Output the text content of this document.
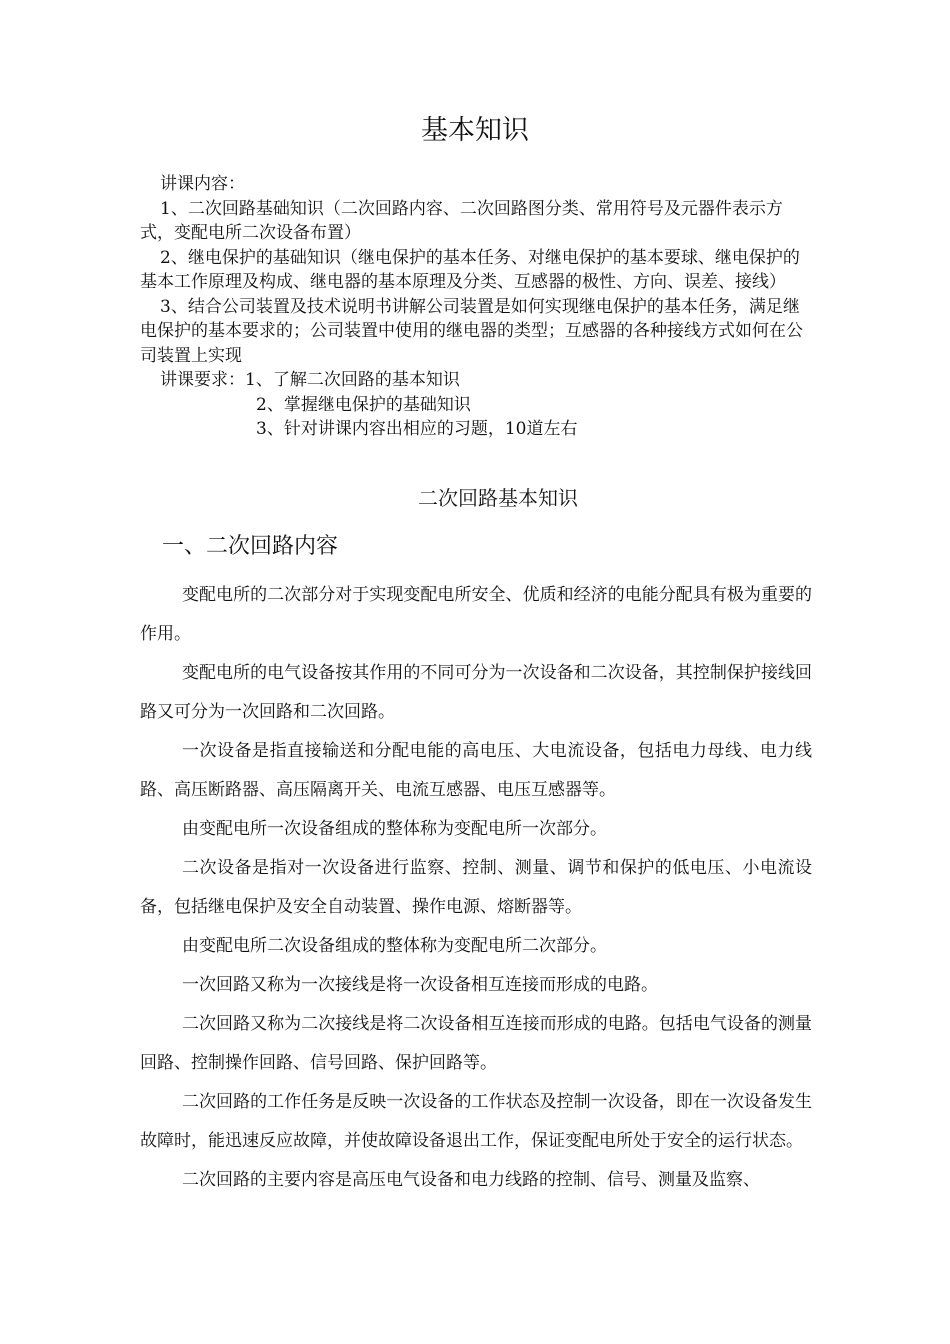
基本知识

讲课内容：

1、二次回路基础知识（二次回路内容、二次回路图分类、常用符号及元器件表示方式，变配电所二次设备布置）

2、继电保护的基础知识（继电保护的基本任务、对继电保护的基本要球、继电保护的基本工作原理及构成、继电器的基本原理及分类、互感器的极性、方向、误差、接线）

3、结合公司装置及技术说明书讲解公司装置是如何实现继电保护的基本任务，满足继电保护的基本要求的；公司装置中使用的继电器的类型；互感器的各种接线方式如何在公司装置上实现

讲课要求： 1、了解二次回路的基本知识
2、掌握继电保护的基础知识
3、针对讲课内容出相应的习题，10道左右
二次回路基本知识
一、二次回路内容

变配电所的二次部分对于实现变配电所安全、优质和经济的电能分配具有极为重要的作用。

变配电所的电气设备按其作用的不同可分为一次设备和二次设备，其控制保护接线回路又可分为一次回路和二次回路。

一次设备是指直接输送和分配电能的高电压、大电流设备，包括电力母线、电力线路、高压断路器、高压隔离开关、电流互感器、电压互感器等。

由变配电所一次设备组成的整体称为变配电所一次部分。

二次设备是指对一次设备进行监察、控制、测量、调节和保护的低电压、小电流设备，包括继电保护及安全自动装置、操作电源、熔断器等。

由变配电所二次设备组成的整体称为变配电所二次部分。

一次回路又称为一次接线是将一次设备相互连接而形成的电路。

二次回路又称为二次接线是将二次设备相互连接而形成的电路。包括电气设备的测量回路、控制操作回路、信号回路、保护回路等。

二次回路的工作任务是反映一次设备的工作状态及控制一次设备，即在一次设备发生故障时，能迅速反应故障，并使故障设备退出工作，保证变配电所处于安全的运行状态。

二次回路的主要内容是高压电气设备和电力线路的控制、信号、测量及监察、
